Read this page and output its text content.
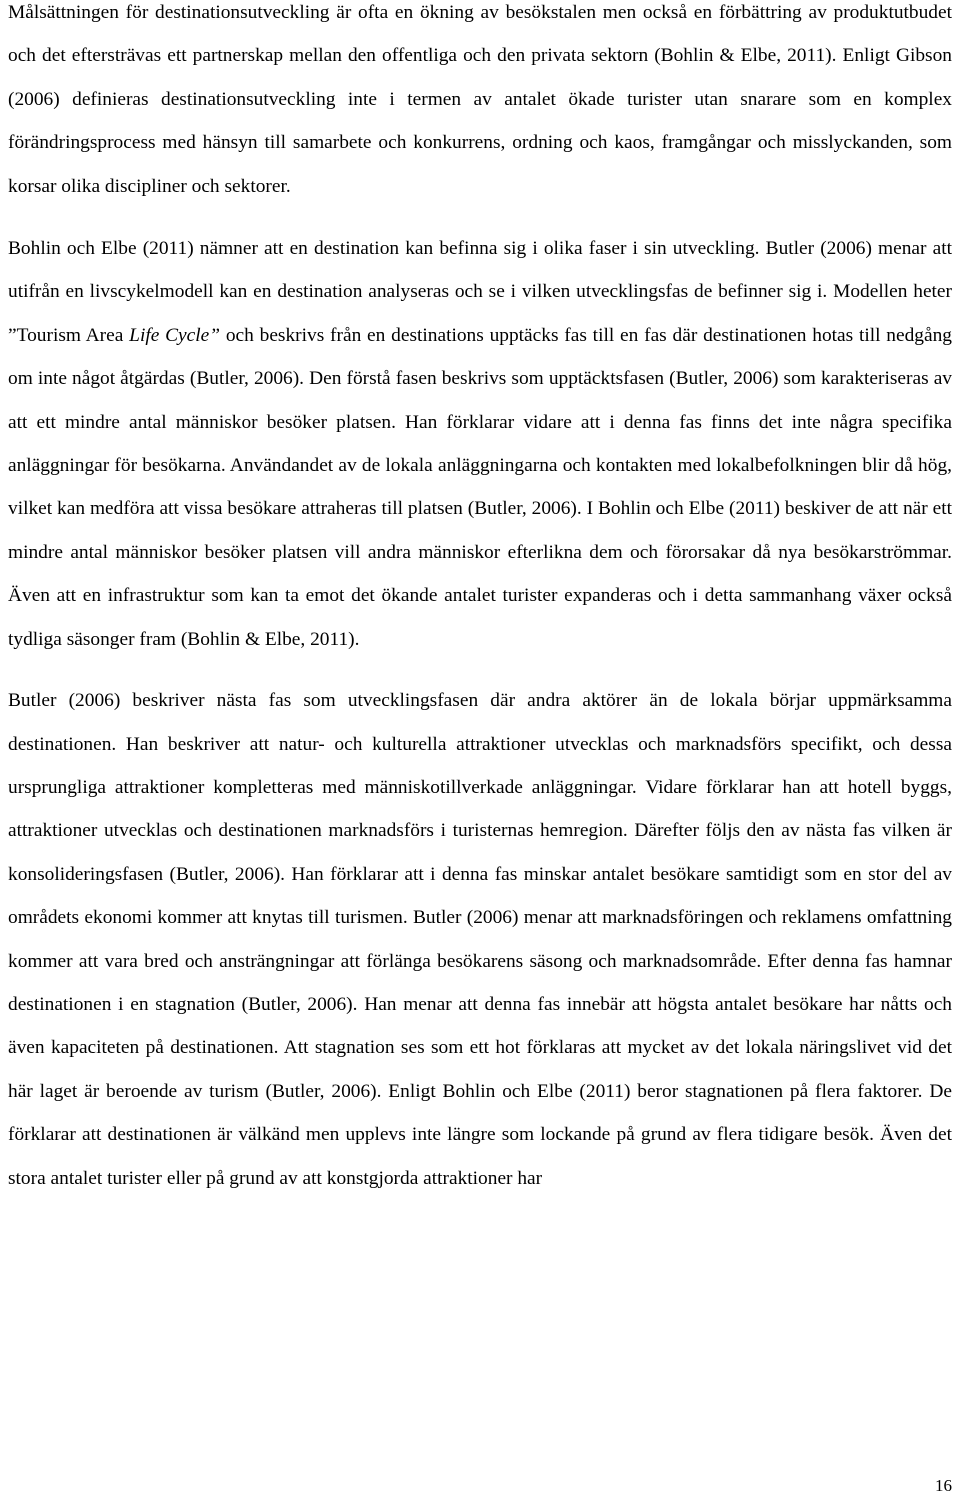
Målsättningen för destinationsutveckling är ofta en ökning av besökstalen men också en förbättring av produktutbudet och det eftersträvas ett partnerskap mellan den offentliga och den privata sektorn (Bohlin & Elbe, 2011). Enligt Gibson (2006) definieras destinationsutveckling inte i termen av antalet ökade turister utan snarare som en komplex förändringsprocess med hänsyn till samarbete och konkurrens, ordning och kaos, framgångar och misslyckanden, som korsar olika discipliner och sektorer.

Bohlin och Elbe (2011) nämner att en destination kan befinna sig i olika faser i sin utveckling. Butler (2006) menar att utifrån en livscykelmodell kan en destination analyseras och se i vilken utvecklingsfas de befinner sig i. Modellen heter ”Tourism Area Life Cycle” och beskrivs från en destinations upptäcks fas till en fas där destinationen hotas till nedgång om inte något åtgärdas (Butler, 2006). Den förstå fasen beskrivs som upptäcktsfasen (Butler, 2006) som karakteriseras av att ett mindre antal människor besöker platsen. Han förklarar vidare att i denna fas finns det inte några specifika anläggningar för besökarna. Användandet av de lokala anläggningarna och kontakten med lokalbefolkningen blir då hög, vilket kan medföra att vissa besökare attraheras till platsen (Butler, 2006). I Bohlin och Elbe (2011) beskiver de att när ett mindre antal människor besöker platsen vill andra människor efterlikna dem och förorsakar då nya besökarströmmar. Även att en infrastruktur som kan ta emot det ökande antalet turister expanderas och i detta sammanhang växer också tydliga säsonger fram (Bohlin & Elbe, 2011).

Butler (2006) beskriver nästa fas som utvecklingsfasen där andra aktörer än de lokala börjar uppmärksamma destinationen. Han beskriver att natur- och kulturella attraktioner utvecklas och marknadsförs specifikt, och dessa ursprungliga attraktioner kompletteras med människotillverkade anläggningar. Vidare förklarar han att hotell byggs, attraktioner utvecklas och destinationen marknadsförs i turisternas hemregion. Därefter följs den av nästa fas vilken är konsolideringsfasen (Butler, 2006). Han förklarar att i denna fas minskar antalet besökare samtidigt som en stor del av områdets ekonomi kommer att knytas till turismen. Butler (2006) menar att marknadsföringen och reklamens omfattning kommer att vara bred och ansträngningar att förlänga besökarens säsong och marknadsområde. Efter denna fas hamnar destinationen i en stagnation (Butler, 2006). Han menar att denna fas innebär att högsta antalet besökare har nåtts och även kapaciteten på destinationen. Att stagnation ses som ett hot förklaras att mycket av det lokala näringslivet vid det här laget är beroende av turism (Butler, 2006). Enligt Bohlin och Elbe (2011) beror stagnationen på flera faktorer. De förklarar att destinationen är välkänd men upplevs inte längre som lockande på grund av flera tidigare besök. Även det stora antalet turister eller på grund av att konstgjorda attraktioner har

16
